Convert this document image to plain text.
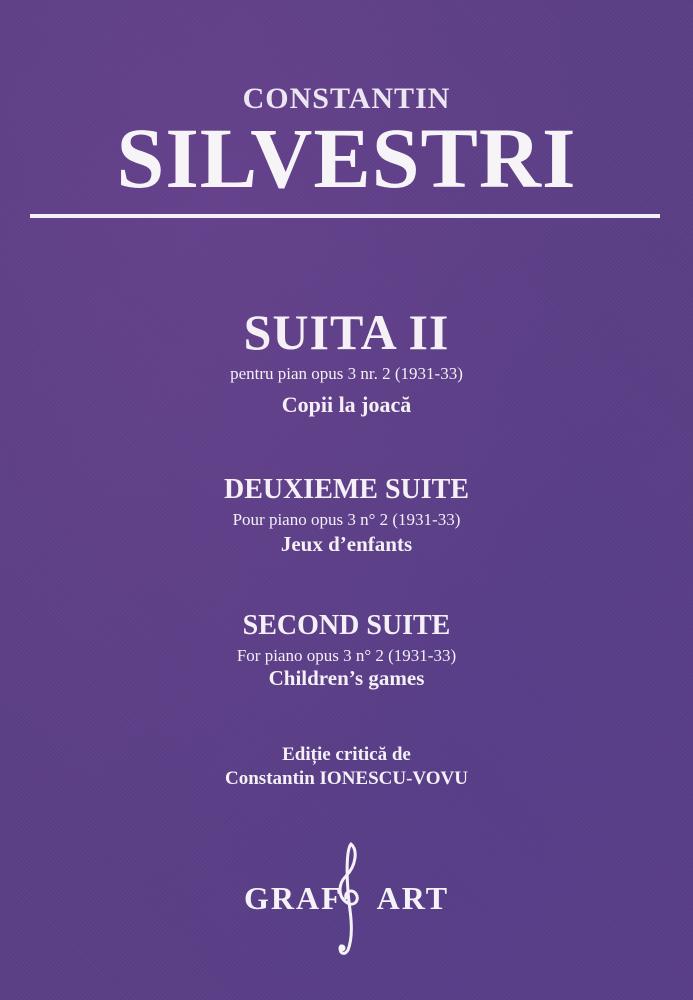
CONSTANTIN
SILVESTRI
SUITA II
pentru pian opus 3 nr. 2 (1931-33)
Copii la joacă
DEUXIEME SUITE
Pour piano opus 3 n° 2 (1931-33)
Jeux d’enfants
SECOND SUITE
For piano opus 3 n° 2 (1931-33)
Children’s games
Ediție critică de
Constantin IONESCU-VOVU
GRAF ART
